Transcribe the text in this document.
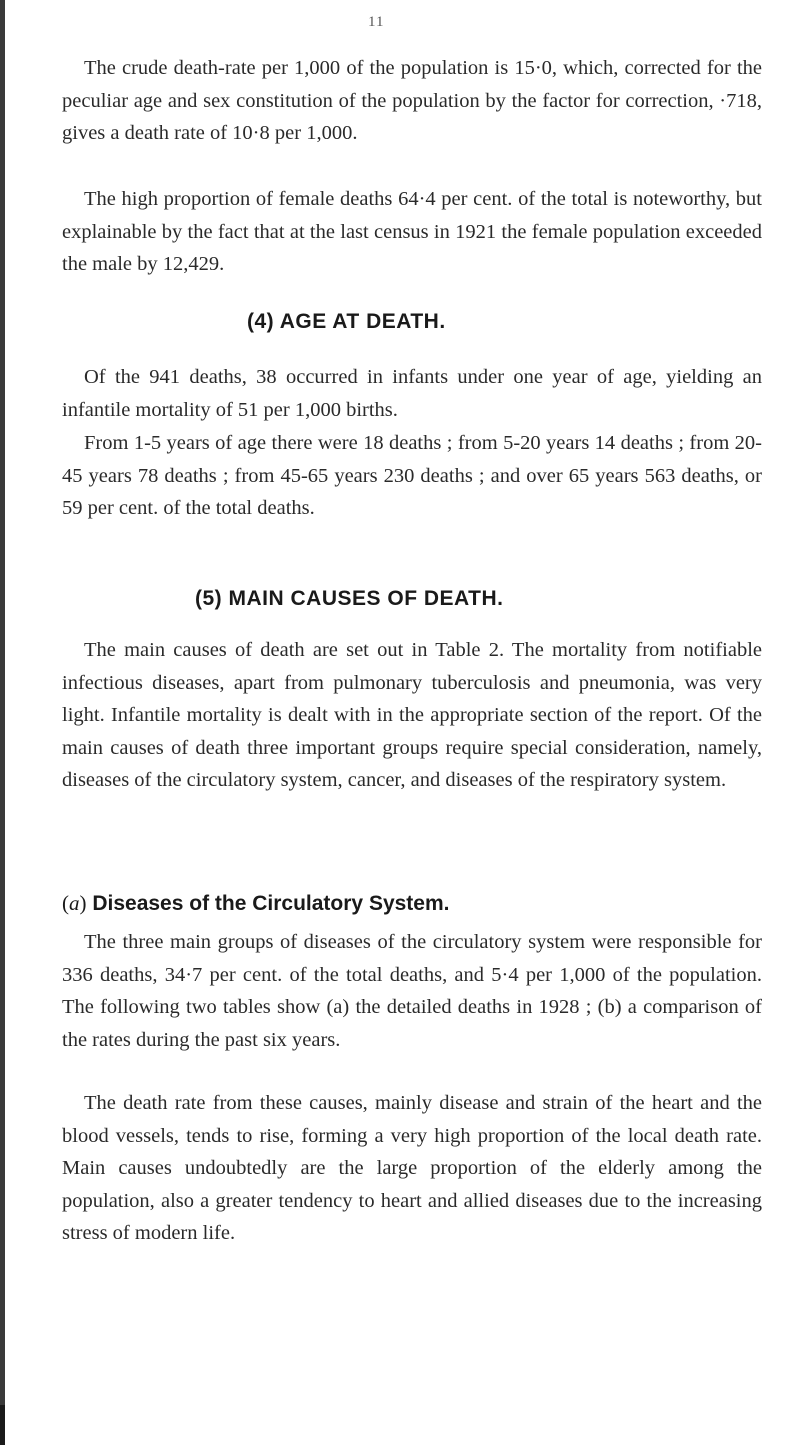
11

The crude death-rate per 1,000 of the population is 15·0, which, corrected for the peculiar age and sex constitution of the population by the factor for correction, ·718, gives a death rate of 10·8 per 1,000.

The high proportion of female deaths 64·4 per cent. of the total is noteworthy, but explainable by the fact that at the last census in 1921 the female population exceeded the male by 12,429.

(4) AGE AT DEATH.

Of the 941 deaths, 38 occurred in infants under one year of age, yielding an infantile mortality of 51 per 1,000 births.

From 1-5 years of age there were 18 deaths ; from 5-20 years 14 deaths ; from 20-45 years 78 deaths ; from 45-65 years 230 deaths ; and over 65 years 563 deaths, or 59 per cent. of the total deaths.

(5) MAIN CAUSES OF DEATH.

The main causes of death are set out in Table 2. The mortality from notifiable infectious diseases, apart from pulmonary tuberculosis and pneumonia, was very light. Infantile mortality is dealt with in the appropriate section of the report. Of the main causes of death three important groups require special consideration, namely, diseases of the circulatory system, cancer, and diseases of the respiratory system.

(a) Diseases of the Circulatory System.

The three main groups of diseases of the circulatory system were responsible for 336 deaths, 34·7 per cent. of the total deaths, and 5·4 per 1,000 of the population. The following two tables show (a) the detailed deaths in 1928 ; (b) a comparison of the rates during the past six years.

The death rate from these causes, mainly disease and strain of the heart and the blood vessels, tends to rise, forming a very high proportion of the local death rate. Main causes undoubtedly are the large proportion of the elderly among the population, also a greater tendency to heart and allied diseases due to the increasing stress of modern life.
